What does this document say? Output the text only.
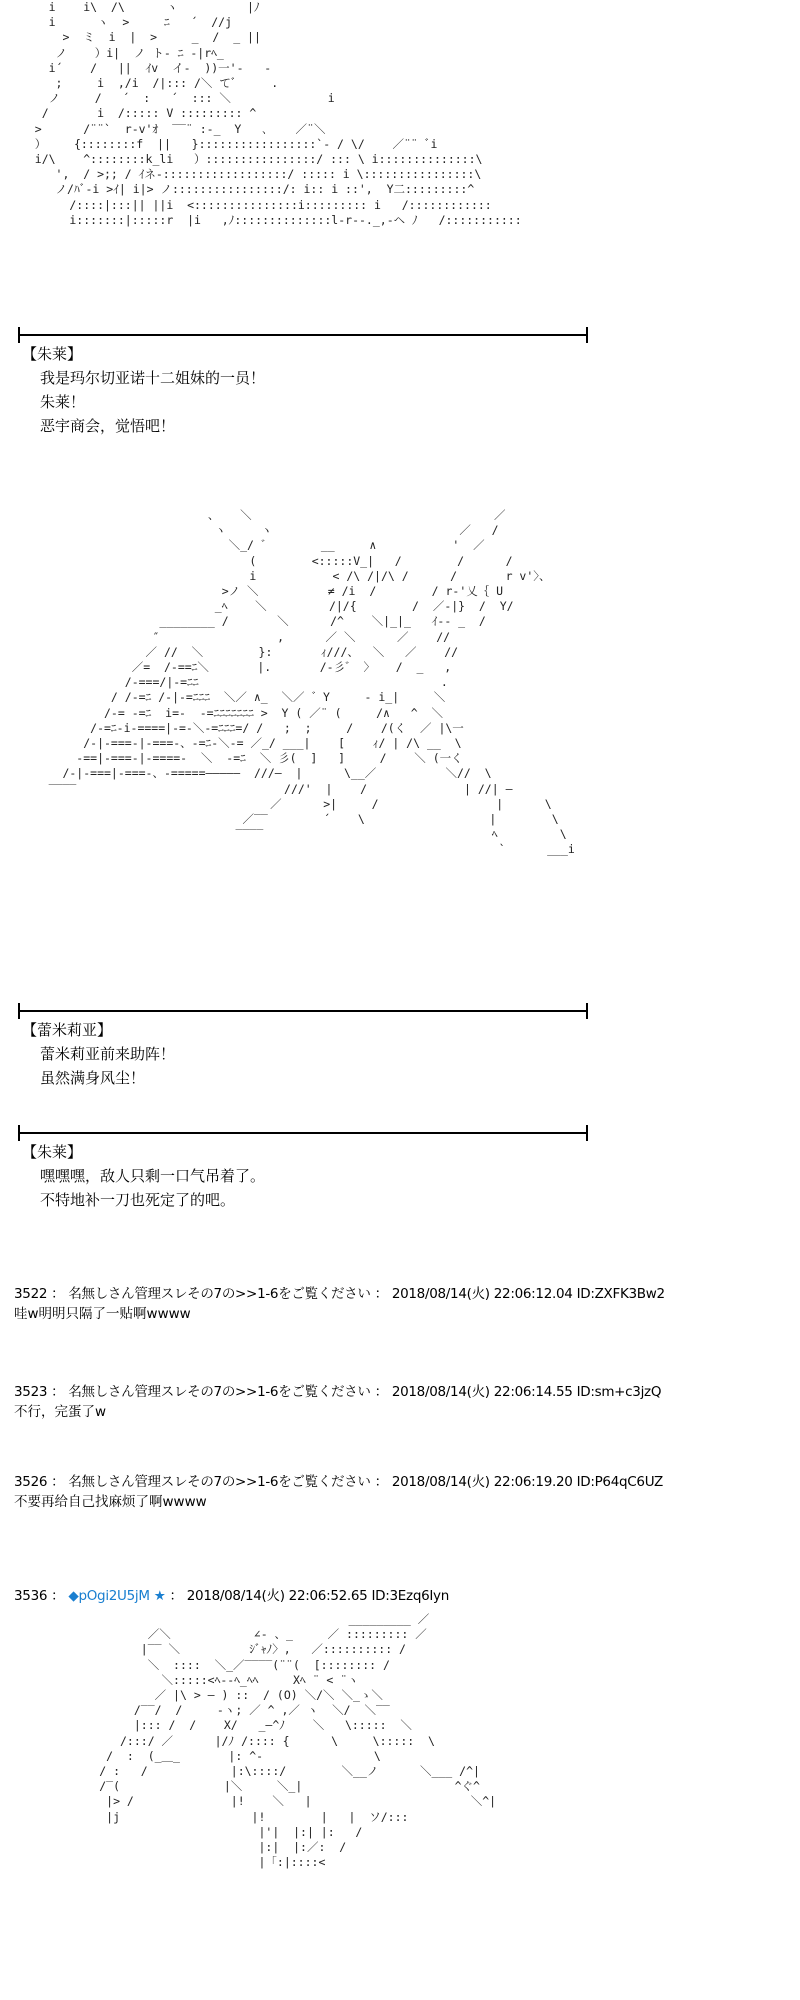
i    i\  /\      ヽ          |ﾉ
i      ヽ  >     ﾆ   ´  //j
>  ミ  i  |  >     _  /  _ ||
ノ    ）i|  ノ ト- ﾆ -|rﾍ_
i´    /   ||  ｲv  イ-  ))一'‐   -
;     i  ,/i  /|::: /＼ てﾞ     .
ノ     /   ´  :   ´  ::: ＼              i
/       i  /::::: V ::::::::: ^
>      /¨¨`  r-v'ｵ  ‾‾¨ :-_  Y   ､    ／¨＼
）    {::::::::f  ||   }:::::::::::::::::`- / \/    ／¨¨ ﾞi
i/\    ^::::::::k_li   ）::::::::::::::::/ ::: \ i::::::::::::::\
',  / >;; / ｲネ-::::::::::::::::::/ ::::: i \::::::::::::::::\
ノ/ﾊﾞ-i >ｲ| i|> ノ::::::::::::::::/: i:: i ::',  Y二:::::::::^
/::::|:::|| ||i  <:::::::::::::::i::::::::: i   /::::::::::::
i:::::::|:::::r  |i   ,ﾉ::::::::::::::l-r--._,-ヘ ﾉ   /:::::::::::
【朱莱】
我是玛尔切亚诺十二姐妹的一员！
朱莱！
恶宇商会，觉悟吧！
、   ＼                                   ／
ヽ     ヽ                           ／   /
＼_/ ゛       __     ∧           '  ／
(        <:::::V_|   /        /      /
i           < /\ /|/\ /      /       r v'〉、
>ノ ＼          ≠ /i  /        / r-'乂｛ U
_ﾍ    ＼         /|/{        /  ／-|}  /  Y/
________ /       ＼      /^    ＼|_|_   ｲ-- _  /
″                 ,      ／ ＼      ／    //
／ //  ＼        }:       ｨ///、  ＼   ／    //
／=  /-==ﾆ＼       |.       /‐彡゛ 〉   /  _   ,
/-===/|-=ﾆﾆ                                   .
/ /-=ﾆ /-|-=ﾆﾆﾆ  ＼／ ∧_  ＼／ ゛Y     ‐ i_|     ＼
/-= -=ﾆ  i=-  -=ﾆﾆﾆﾆﾆﾆﾆ >  Y ( ／¨ (     /∧   ^  ＼
/-=ﾆ-i-====|-=-＼-=ﾆﾆﾆ=/ /   ;  ;     /    /(く  ／ |\一
/-|-===-|-===-、-=ﾆ-＼-= ／_/ ___|    [    ｨ/ | /\ __  \
-==|-===-|-====-  ＼  -=ﾆ  ＼ 彡(  ]   ]     /    ＼ (一く
/-|-===|-===-、-=====—————  ///—  |      \__／          ＼//  \
‾‾‾‾                              ///'  |    /              | //| —
／      >|     /                 |      \
／‾‾        ´    \                  |        \
‾‾‾‾                                 ﾍ         \
`      ___i
【蕾米莉亚】
蕾米莉亚前来助阵！
虽然满身风尘！
【朱莱】
嘿嘿嘿，敌人只剩一口气吊着了。
不特地补一刀也死定了的吧。
3522 ： 名無しさん管理スレその7の>>1-6をご覧ください ： 2018/08/14(火) 22:06:12.04 ID:ZXFK3Bw2
哇w明明只隔了一贴啊wwww
3523 ： 名無しさん管理スレその7の>>1-6をご覧ください ： 2018/08/14(火) 22:06:14.55 ID:sm+c3jzQ
不行，完蛋了w
3526 ： 名無しさん管理スレその7の>>1-6をご覧ください ： 2018/08/14(火) 22:06:19.20 ID:P64qC6UZ
不要再给自己找麻烦了啊wwww
3536 ： ◆pOgi2U5jM ★ ： 2018/08/14(火) 22:06:52.65 ID:3Ezq6Iyn
_________ ／
／＼            ∠- 、_     ／ ::::::::: ／
|‾‾ ＼          ｼﾞｬﾉ〉,   ／:::::::::: /
＼  ::::  ＼_／‾‾‾‾(¨¨(  [:::::::: /
＼:::::<ﾍ--ﾍ_ﾍﾍ     Xﾍ ¨ < ¨ヽ
／ |\ > ― ) ::  / (O) ＼/＼ ＼_ゝ＼
/‾‾/  /     ‐ヽ; ／ ^ ,／ ヽ  ＼/  ＼‾‾
|::: /  /    X/   _—^ﾉ    ＼   \:::::  ＼
/:::/ ／      |/ﾉ /:::: {      \     \:::::  \
/  :  (_＿_       |: ^-                \
/ :   /            |:\::::/        ＼__ノ      ＼___ /^|
/‾(               |＼     ＼_|                      ^ぐ^
|> /              |!    ＼   |                       ＼^|
|j                   |!        |   |  ソ/:::
|'|  |:| |:   /
|:|  |:／:  /
|「:|::::<
